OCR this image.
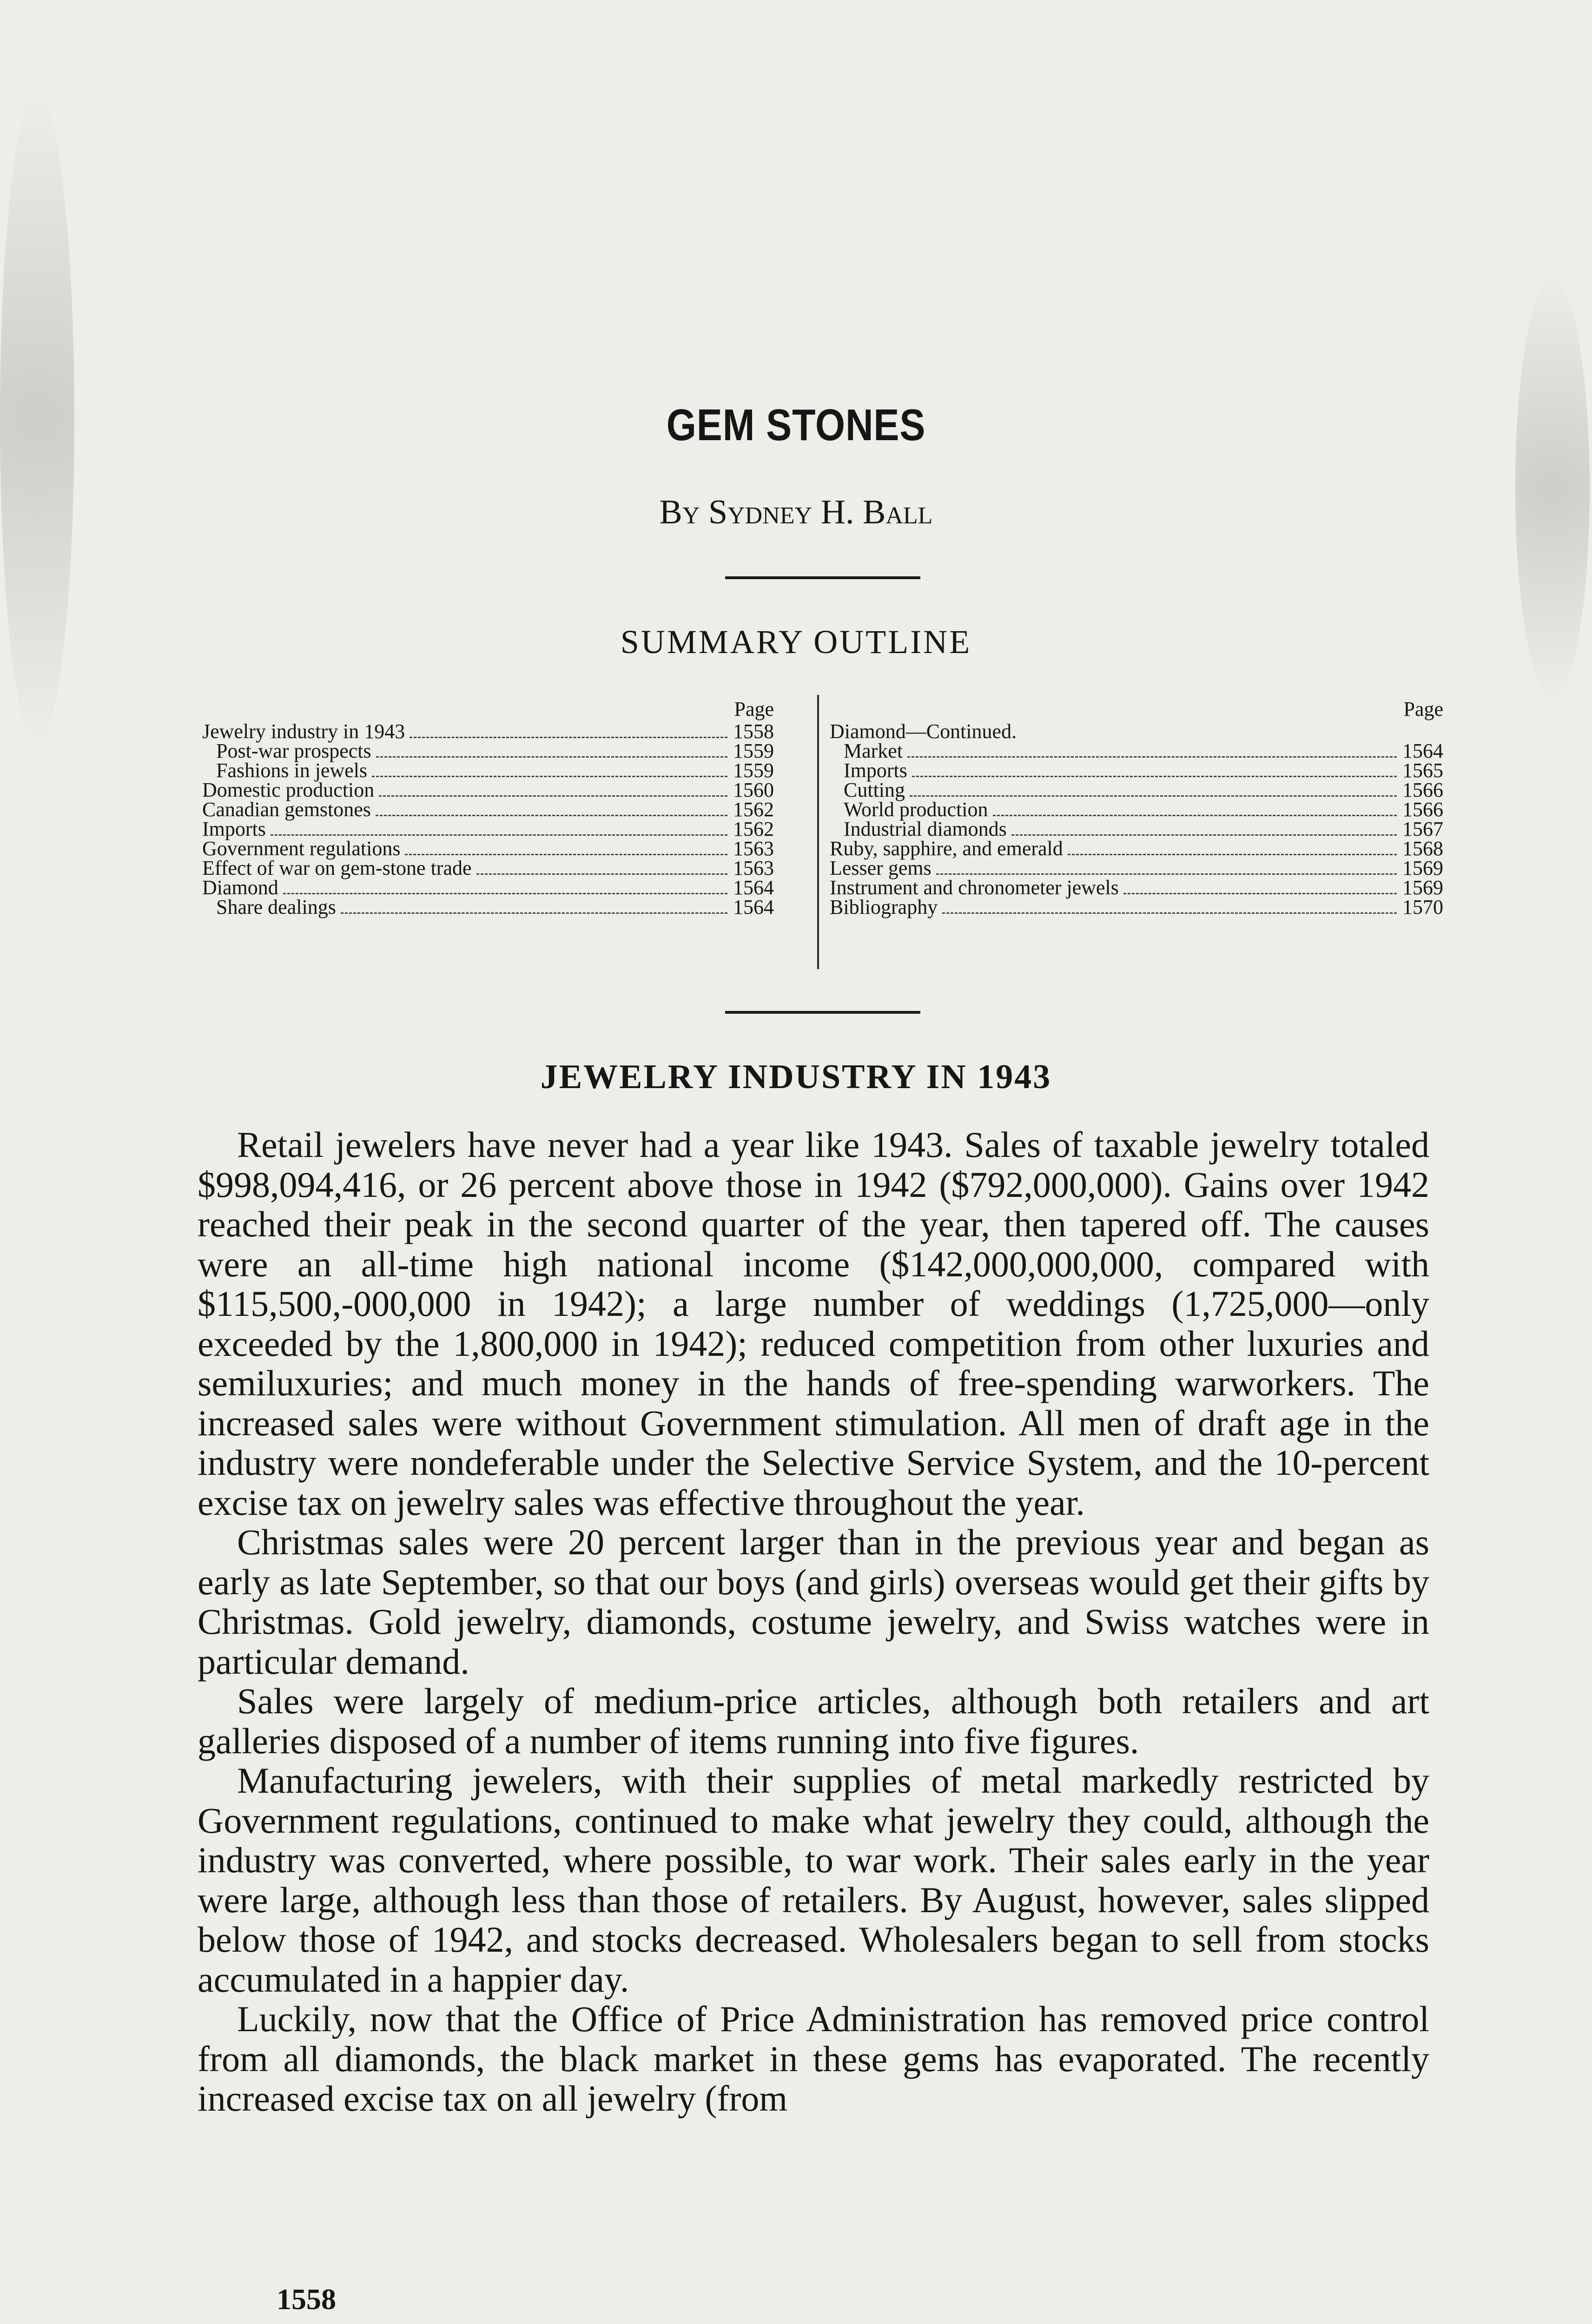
GEM STONES
By Sydney H. Ball
SUMMARY OUTLINE
Page
Jewelry industry in 1943	1558
Post-war prospects	1559
Fashions in jewels	1559
Domestic production	1560
Canadian gemstones	1562
Imports	1562
Government regulations	1563
Effect of war on gem-stone trade	1563
Diamond	1564
Share dealings	1564
Page
Diamond—Continued.
Market	1564
Imports	1565
Cutting	1566
World production	1566
Industrial diamonds	1567
Ruby, sapphire, and emerald	1568
Lesser gems	1569
Instrument and chronometer jewels	1569
Bibliography	1570
JEWELRY INDUSTRY IN 1943

Retail jewelers have never had a year like 1943. Sales of taxable jewelry totaled $998,094,416, or 26 percent above those in 1942 ($792,000,000). Gains over 1942 reached their peak in the second quarter of the year, then tapered off. The causes were an all-time high national income ($142,000,000,000, compared with $115,500,-000,000 in 1942); a large number of weddings (1,725,000—only exceeded by the 1,800,000 in 1942); reduced competition from other luxuries and semiluxuries; and much money in the hands of free-spending warworkers. The increased sales were without Government stimulation. All men of draft age in the industry were nondeferable under the Selective Service System, and the 10-percent excise tax on jewelry sales was effective throughout the year.

Christmas sales were 20 percent larger than in the previous year and began as early as late September, so that our boys (and girls) overseas would get their gifts by Christmas. Gold jewelry, diamonds, costume jewelry, and Swiss watches were in particular demand.

Sales were largely of medium-price articles, although both retailers and art galleries disposed of a number of items running into five figures.

Manufacturing jewelers, with their supplies of metal markedly restricted by Government regulations, continued to make what jewelry they could, although the industry was converted, where possible, to war work. Their sales early in the year were large, although less than those of retailers. By August, however, sales slipped below those of 1942, and stocks decreased. Wholesalers began to sell from stocks accumulated in a happier day.

Luckily, now that the Office of Price Administration has removed price control from all diamonds, the black market in these gems has evaporated. The recently increased excise tax on all jewelry (from

1558
